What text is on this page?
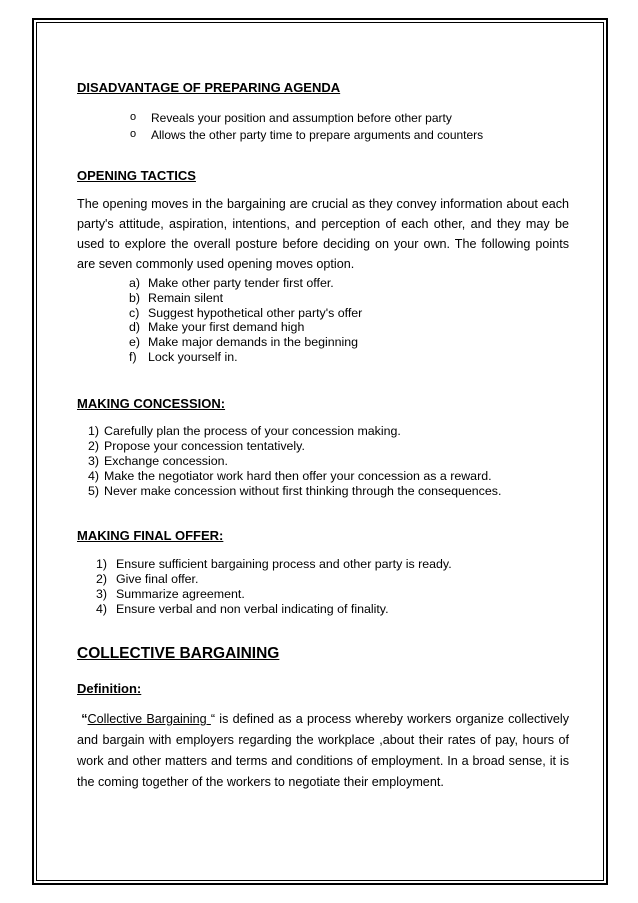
DISADVANTAGE OF PREPARING AGENDA
o Reveals your position and assumption before other party
o Allows the other party time to prepare arguments and counters
OPENING TACTICS

The opening moves in the bargaining are crucial as they convey information about each party's attitude, aspiration, intentions, and perception of each other, and they may be used to explore the overall posture before deciding on your own. The following points are seven commonly used opening moves option.

a) Make other party tender first offer.
b) Remain silent
c) Suggest hypothetical other party's offer
d) Make your first demand high
e) Make major demands in the beginning
f) Lock yourself in.
MAKING CONCESSION:
1) Carefully plan the process of your concession making.
2) Propose your concession tentatively.
3) Exchange concession.
4) Make the negotiator work hard then offer your concession as a reward.
5) Never make concession without first thinking through the consequences.
MAKING FINAL OFFER:
1) Ensure sufficient bargaining process and other party is ready.
2) Give final offer.
3) Summarize agreement.
4) Ensure verbal and non verbal indicating of finality.
COLLECTIVE BARGAINING
Definition:

“Collective Bargaining “ is defined as a process whereby workers organize collectively and bargain with employers regarding the workplace ,about their rates of pay, hours of work and other matters and terms and conditions of employment. In a broad sense, it is the coming together of the workers to negotiate their employment.
